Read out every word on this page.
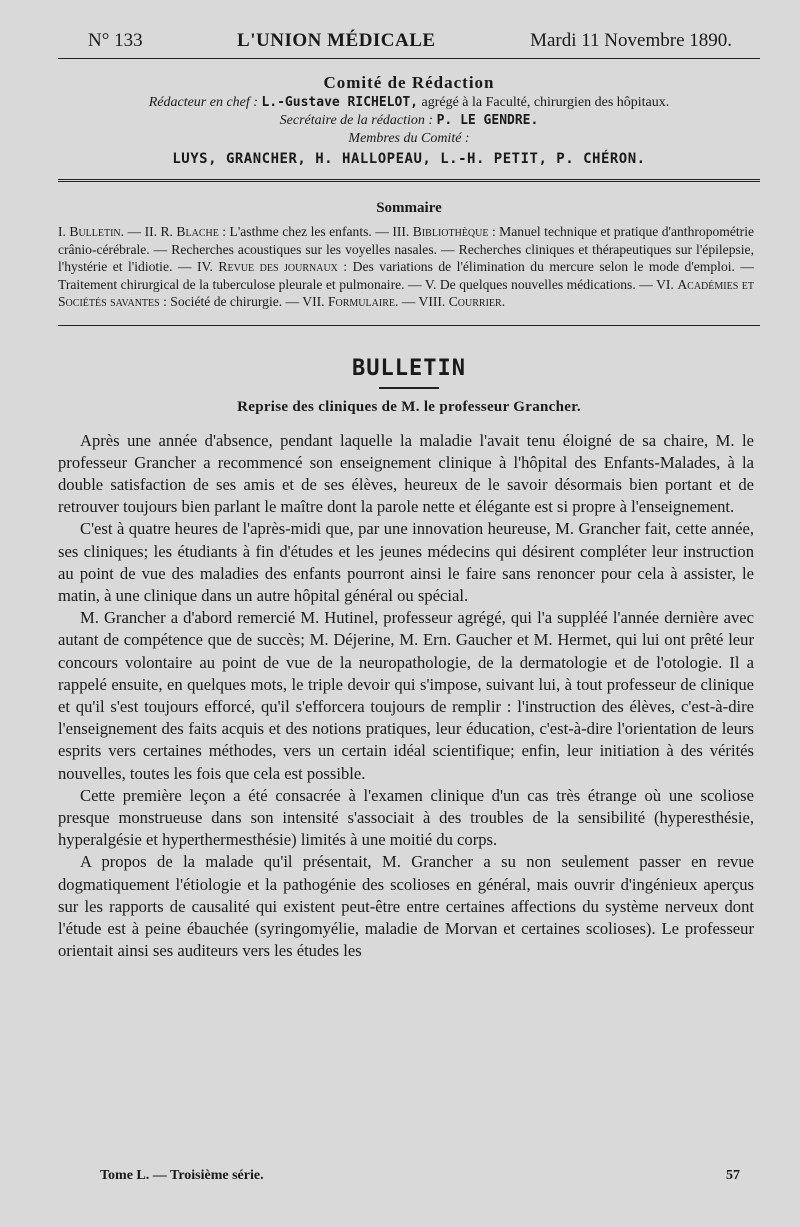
N° 133	L'UNION MÉDICALE	Mardi 11 Novembre 1890.
Comité de Rédaction
Rédacteur en chef : L.-Gustave RICHELOT, agrégé à la Faculté, chirurgien des hôpitaux.
Secrétaire de la rédaction : P. LE GENDRE.
Membres du Comité :
LUYS, GRANCHER, H. HALLOPEAU, L.-H. PETIT, P. CHÉRON.
Sommaire
I. Bulletin. — II. R. Blache : L'asthme chez les enfants. — III. Bibliothèque : Manuel technique et pratique d'anthropométrie crânio-cérébrale. — Recherches acoustiques sur les voyelles nasales. — Recherches cliniques et thérapeutiques sur l'épilepsie, l'hystérie et l'idiotie. — IV. Revue des journaux : Des variations de l'élimination du mercure selon le mode d'emploi. — Traitement chirurgical de la tuberculose pleurale et pulmonaire. — V. De quelques nouvelles médications. — VI. Académies et Sociétés savantes : Société de chirurgie. — VII. Formulaire. — VIII. Courrier.
BULLETIN
Reprise des cliniques de M. le professeur Grancher.

Après une année d'absence, pendant laquelle la maladie l'avait tenu éloigné de sa chaire, M. le professeur Grancher a recommencé son enseignement clinique à l'hôpital des Enfants-Malades, à la double satisfaction de ses amis et de ses élèves, heureux de le savoir désormais bien portant et de retrouver toujours bien parlant le maître dont la parole nette et élégante est si propre à l'enseignement.

C'est à quatre heures de l'après-midi que, par une innovation heureuse, M. Grancher fait, cette année, ses cliniques; les étudiants à fin d'études et les jeunes médecins qui désirent compléter leur instruction au point de vue des maladies des enfants pourront ainsi le faire sans renoncer pour cela à assister, le matin, à une clinique dans un autre hôpital général ou spécial.

M. Grancher a d'abord remercié M. Hutinel, professeur agrégé, qui l'a suppléé l'année dernière avec autant de compétence que de succès; M. Déjerine, M. Ern. Gaucher et M. Hermet, qui lui ont prêté leur concours volontaire au point de vue de la neuropathologie, de la dermatologie et de l'otologie. Il a rappelé ensuite, en quelques mots, le triple devoir qui s'impose, suivant lui, à tout professeur de clinique et qu'il s'est toujours efforcé, qu'il s'efforcera toujours de remplir : l'instruction des élèves, c'est-à-dire l'enseignement des faits acquis et des notions pratiques, leur éducation, c'est-à-dire l'orientation de leurs esprits vers certaines méthodes, vers un certain idéal scientifique; enfin, leur initiation à des vérités nouvelles, toutes les fois que cela est possible.

Cette première leçon a été consacrée à l'examen clinique d'un cas très étrange où une scoliose presque monstrueuse dans son intensité s'associait à des troubles de la sensibilité (hyperesthésie, hyperalgésie et hyperthermesthésie) limités à une moitié du corps.

A propos de la malade qu'il présentait, M. Grancher a su non seulement passer en revue dogmatiquement l'étiologie et la pathogénie des scolioses en général, mais ouvrir d'ingénieux aperçus sur les rapports de causalité qui existent peut-être entre certaines affections du système nerveux dont l'étude est à peine ébauchée (syringomyélie, maladie de Morvan et certaines scolioses). Le professeur orientait ainsi ses auditeurs vers les études les

Tome L. — Troisième série.	57
